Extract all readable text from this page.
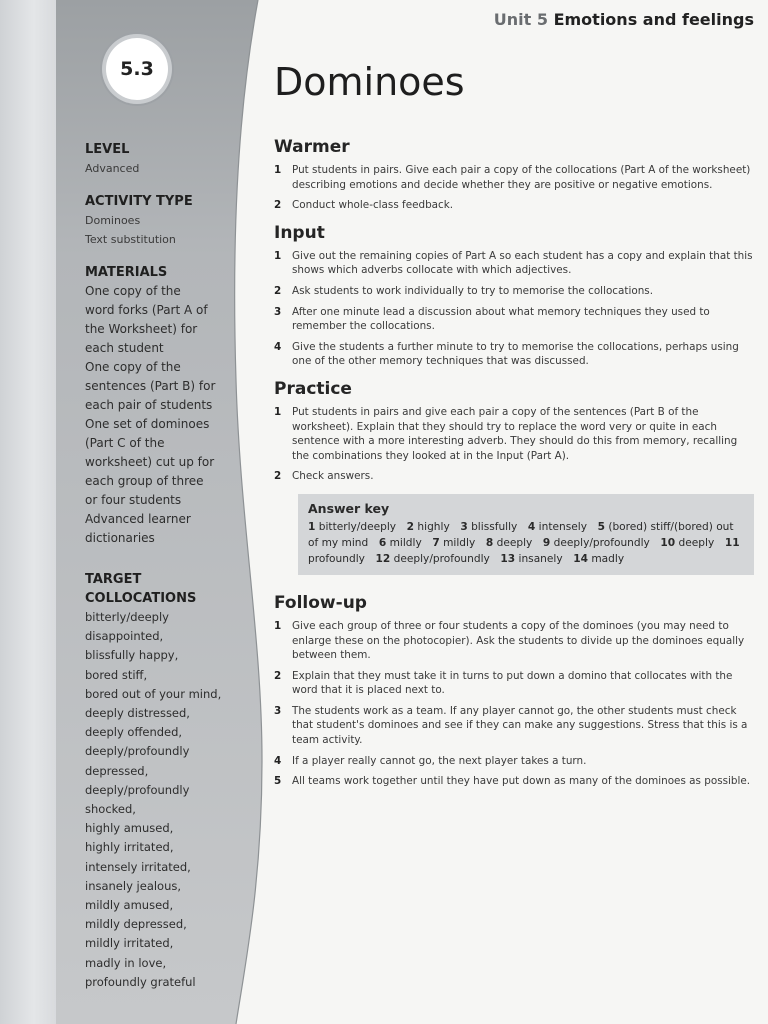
5.3
Unit 5 Emotions and feelings
Dominoes
LEVEL
Advanced
ACTIVITY TYPE
Dominoes
Text substitution
MATERIALS
One copy of the
word forks (Part A of
the Worksheet) for
each student
One copy of the
sentences (Part B) for
each pair of students
One set of dominoes
(Part C of the
worksheet) cut up for
each group of three
or four students
Advanced learner
dictionaries
TARGET
COLLOCATIONS
bitterly/deeply
disappointed,
blissfully happy,
bored stiff,
bored out of your mind,
deeply distressed,
deeply offended,
deeply/profoundly
depressed,
deeply/profoundly
shocked,
highly amused,
highly irritated,
intensely irritated,
insanely jealous,
mildly amused,
mildly depressed,
mildly irritated,
madly in love,
profoundly grateful
Warmer
1	Put students in pairs. Give each pair a copy of the collocations (Part A of the worksheet) describing emotions and decide whether they are positive or negative emotions.
2	Conduct whole-class feedback.
Input
1	Give out the remaining copies of Part A so each student has a copy and explain that this shows which adverbs collocate with which adjectives.
2	Ask students to work individually to try to memorise the collocations.
3	After one minute lead a discussion about what memory techniques they used to remember the collocations.
4	Give the students a further minute to try to memorise the collocations, perhaps using one of the other memory techniques that was discussed.
Practice
1	Put students in pairs and give each pair a copy of the sentences (Part B of the worksheet). Explain that they should try to replace the word very or quite in each sentence with a more interesting adverb. They should do this from memory, recalling the combinations they looked at in the Input (Part A).
2	Check answers.
Answer key
1 bitterly/deeply  2 highly  3 blissfully  4 intensely  5 (bored) stiff/(bored) out of my mind  6 mildly  7 mildly  8 deeply  9 deeply/profoundly  10 deeply  11 profoundly  12 deeply/profoundly  13 insanely  14 madly 
Follow-up
1	Give each group of three or four students a copy of the dominoes (you may need to enlarge these on the photocopier). Ask the students to divide up the dominoes equally between them.
2	Explain that they must take it in turns to put down a domino that collocates with the word that it is placed next to.
3	The students work as a team. If any player cannot go, the other students must check that student's dominoes and see if they can make any suggestions. Stress that this is a team activity.
4	If a player really cannot go, the next player takes a turn.
5	All teams work together until they have put down as many of the dominoes as possible.
